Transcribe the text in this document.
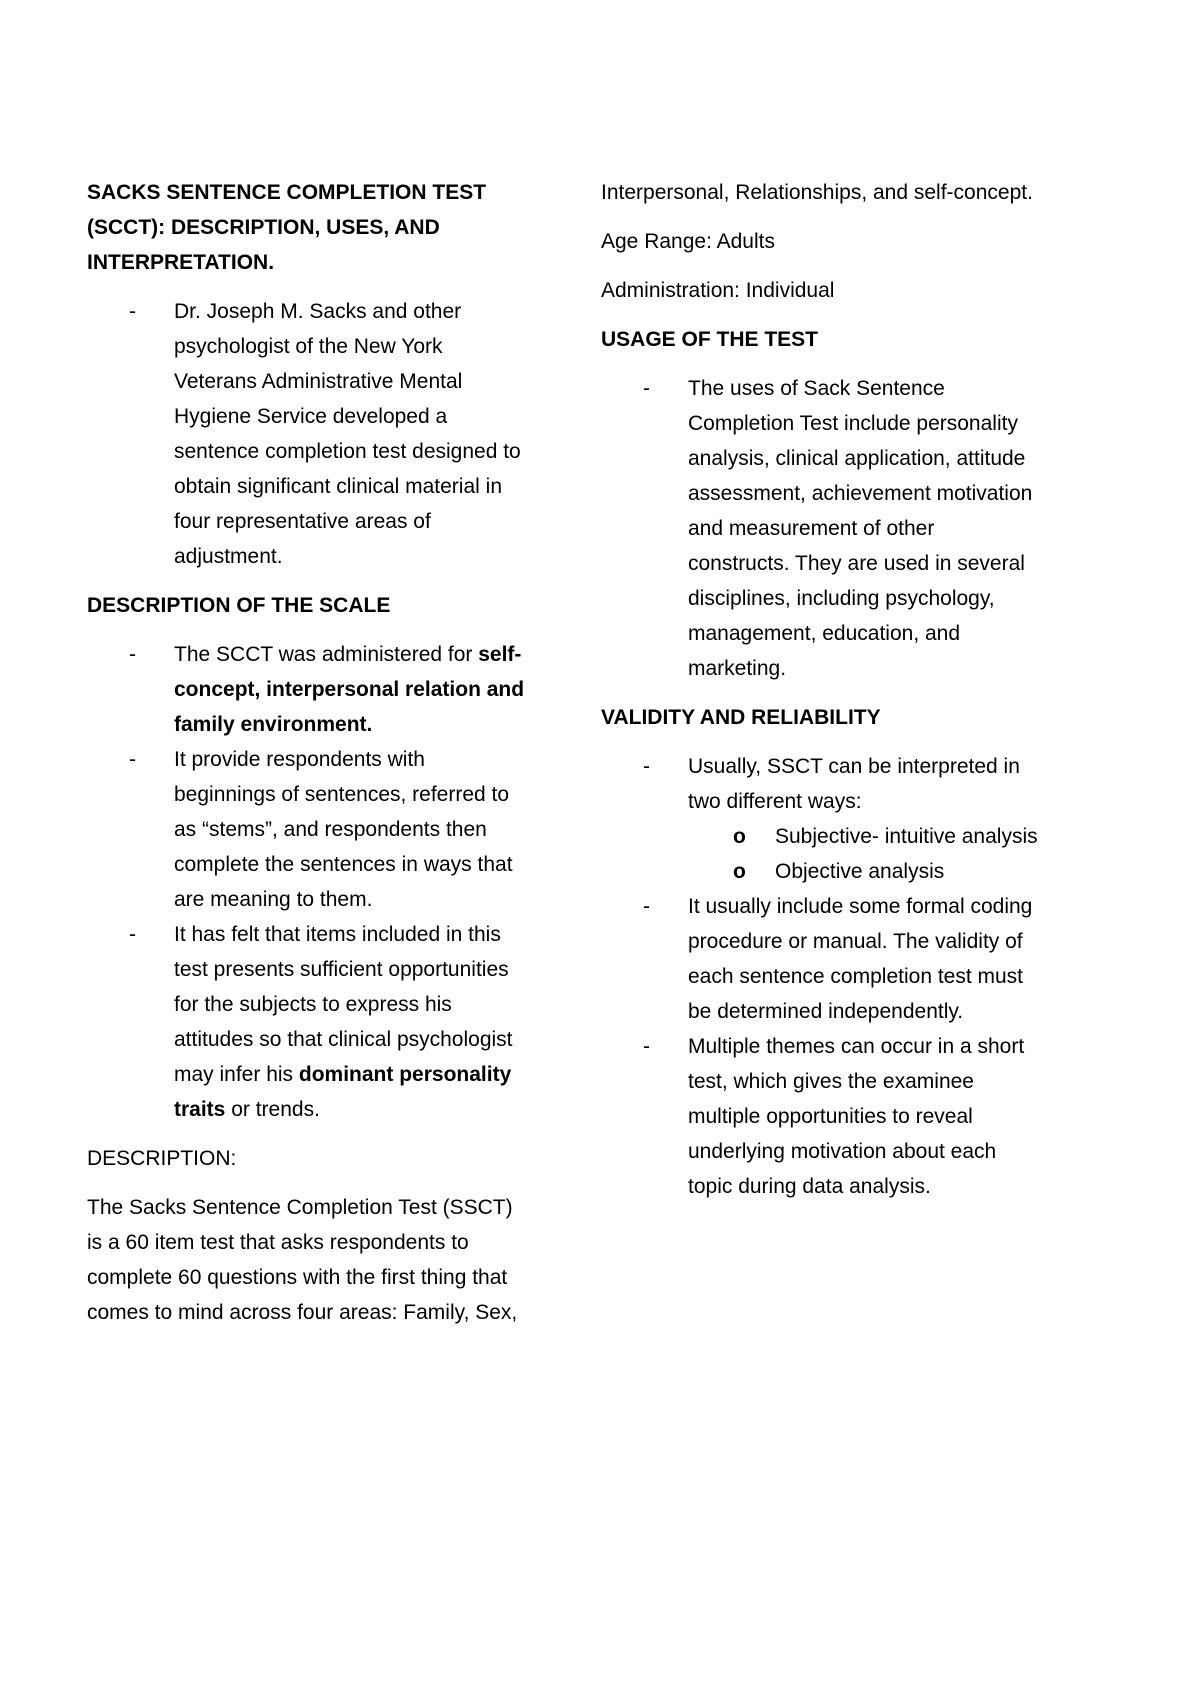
SACKS SENTENCE COMPLETION TEST
(SCCT): DESCRIPTION, USES, AND
INTERPRETATION.
- Dr. Joseph M. Sacks and other psychologist of the New York Veterans Administrative Mental Hygiene Service developed a sentence completion test designed to obtain significant clinical material in four representative areas of adjustment.
DESCRIPTION OF THE SCALE
- The SCCT was administered for self-concept, interpersonal relation and family environment.
- It provide respondents with beginnings of sentences, referred to as “stems”, and respondents then complete the sentences in ways that are meaning to them.
- It has felt that items included in this test presents sufficient opportunities for the subjects to express his attitudes so that clinical psychologist may infer his dominant personality traits or trends.
DESCRIPTION:
The Sacks Sentence Completion Test (SSCT) is a 60 item test that asks respondents to complete 60 questions with the first thing that comes to mind across four areas: Family, Sex,
Interpersonal, Relationships, and self-concept.
Age Range: Adults
Administration: Individual
USAGE OF THE TEST
- The uses of Sack Sentence Completion Test include personality analysis, clinical application, attitude assessment, achievement motivation and measurement of other constructs. They are used in several disciplines, including psychology, management, education, and marketing.
VALIDITY AND RELIABILITY
- Usually, SSCT can be interpreted in two different ways:
o	Subjective- intuitive analysis
o	Objective analysis
- It usually include some formal coding procedure or manual. The validity of each sentence completion test must be determined independently.
- Multiple themes can occur in a short test, which gives the examinee multiple opportunities to reveal underlying motivation about each topic during data analysis.
